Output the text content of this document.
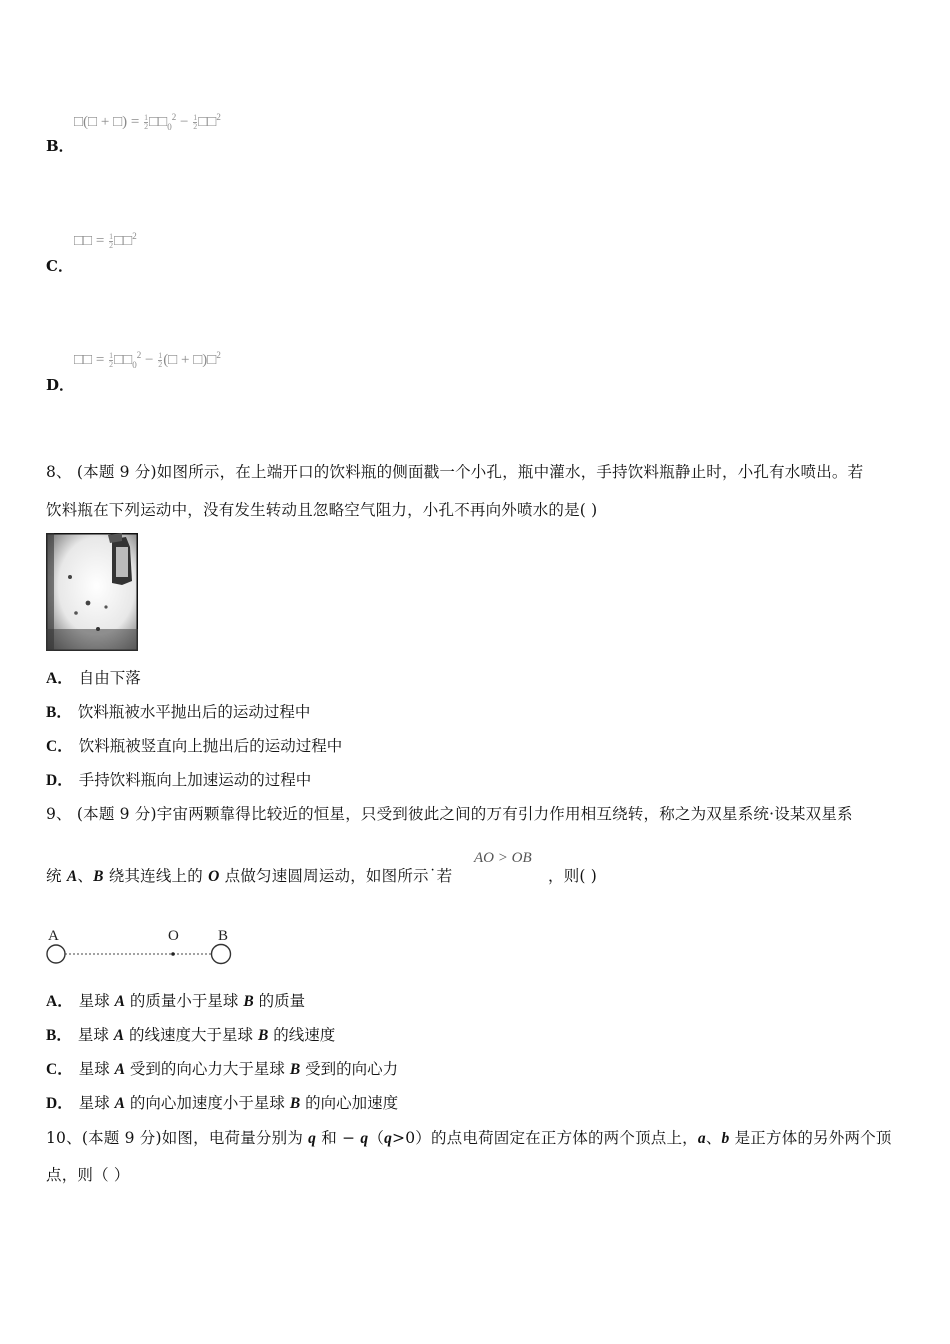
□(□ + □) = $\frac{1}{2}$ $□□_0^2 - \frac{1}{2}$ □□$^2$
B．
□□ = $\frac{1}{2}$ □□$^2$
C．
□□ = $\frac{1}{2}$ $□□_0^2 - \frac{1}{2}$ (□ + □)□$^2$
D．
8、 (本题 9 分)如图所示，在上端开口的饮料瓶的侧面戳一个小孔，瓶中灌水，手持饮料瓶静止时，小孔有水喷出。若
饮料瓶在下列运动中，没有发生转动且忽略空气阻力，小孔不再向外喷水的是( )
A． 自由下落
B． 饮料瓶被水平抛出后的运动过程中
C． 饮料瓶被竖直向上抛出后的运动过程中
D． 手持饮料瓶向上加速运动的过程中
9、 (本题 9 分)宇宙两颗靠得比较近的恒星，只受到彼此之间的万有引力作用相互绕转，称之为双星系统·设某双星系
统 A、B 绕其连线上的 O 点做匀速圆周运动，如图所示˙若
AO > OB
，则( )
A	O	B
A． 星球 A 的质量小于星球 B 的质量
B． 星球 A 的线速度大于星球 B 的线速度
C． 星球 A 受到的向心力大于星球 B 受到的向心力
D． 星球 A 的向心加速度小于星球 B 的向心加速度
10、(本题 9 分)如图，电荷量分别为 q 和 − q（q>0）的点电荷固定在正方体的两个顶点上，a、b 是正方体的另外两个顶
点，则（ ）
